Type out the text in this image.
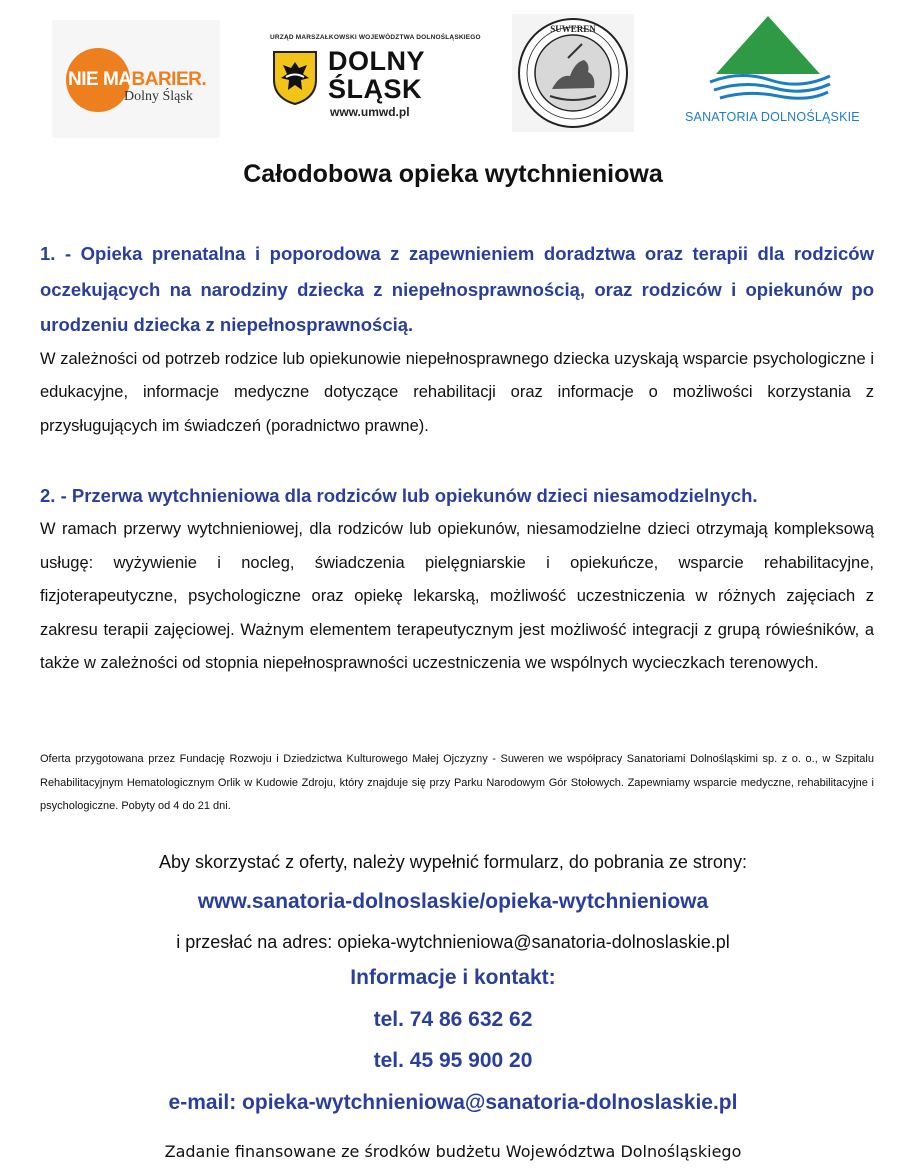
NIE MABARIER.
Dolny Śląsk
URZĄD MARSZAŁKOWSKI WOJEWÓDZTWA DOLNOŚLĄSKIEGO
DOLNY
ŚLĄSK
www.umwd.pl
SUWEREN
SANATORIA DOLNOŚLĄSKIE
Całodobowa opieka wytchnieniowa

1. - Opieka prenatalna i poporodowa z zapewnieniem doradztwa oraz terapii dla rodziców oczekujących na narodziny dziecka z niepełnosprawnością, oraz rodziców i opiekunów po urodzeniu dziecka z niepełnosprawnością.

W zależności od potrzeb rodzice lub opiekunowie niepełnosprawnego dziecka uzyskają wsparcie psychologiczne i edukacyjne, informacje medyczne dotyczące rehabilitacji oraz informacje o możliwości korzystania z przysługujących im świadczeń (poradnictwo prawne).

2. - Przerwa wytchnieniowa dla rodziców lub opiekunów dzieci niesamodzielnych.

W ramach przerwy wytchnieniowej, dla rodziców lub opiekunów, niesamodzielne dzieci otrzymają kompleksową usługę: wyżywienie i nocleg, świadczenia pielęgniarskie i opiekuńcze, wsparcie rehabilitacyjne, fizjoterapeutyczne, psychologiczne oraz opiekę lekarską, możliwość uczestniczenia w różnych zajęciach z zakresu terapii zajęciowej. Ważnym elementem terapeutycznym jest możliwość integracji z grupą rówieśników, a także w zależności od stopnia niepełnosprawności uczestniczenia we wspólnych wycieczkach terenowych.

Oferta przygotowana przez Fundację Rozwoju i Dziedzictwa Kulturowego Małej Ojczyzny - Suweren we współpracy Sanatoriami Dolnośląskimi sp. z o. o., w Szpitalu Rehabilitacyjnym Hematologicznym Orlik w Kudowie Zdroju, który znajduje się przy Parku Narodowym Gór Stołowych. Zapewniamy wsparcie medyczne, rehabilitacyjne i psychologiczne. Pobyty od 4 do 21 dni.

Aby skorzystać z oferty, należy wypełnić formularz, do pobrania ze strony:
www.sanatoria-dolnoslaskie/opieka-wytchnieniowa
i przesłać na adres: opieka-wytchnieniowa@sanatoria-dolnoslaskie.pl
Informacje i kontakt:
tel. 74 86 632 62
tel. 45 95 900 20
e-mail: opieka-wytchnieniowa@sanatoria-dolnoslaskie.pl
Zadanie finansowane ze środków budżetu Województwa Dolnośląskiego
